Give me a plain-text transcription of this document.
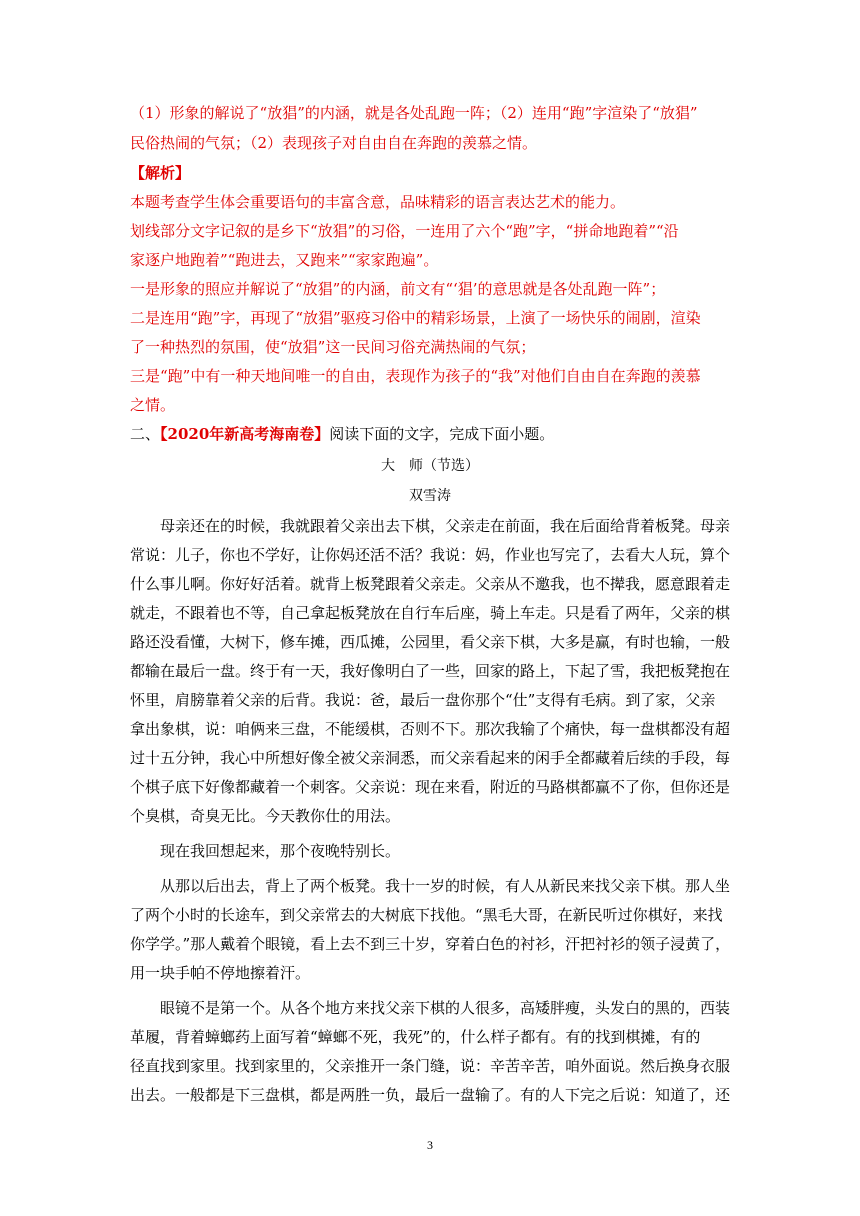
（1）形象的解说了“放猖”的内涵，就是各处乱跑一阵；（2）连用“跑”字渲染了“放猖”
民俗热闹的气氛；（2）表现孩子对自由自在奔跑的羡慕之情。
【解析】
本题考查学生体会重要语句的丰富含意，品味精彩的语言表达艺术的能力。
划线部分文字记叙的是乡下“放猖”的习俗，一连用了六个“跑”字，“拼命地跑着”“沿
家逐户地跑着”“跑进去，又跑来”“家家跑遍”。
一是形象的照应并解说了“放猖”的内涵，前文有“‘猖’的意思就是各处乱跑一阵”；
二是连用“跑”字，再现了“放猖”驱疫习俗中的精彩场景，上演了一场快乐的闹剧，渲染
了一种热烈的氛围，使“放猖”这一民间习俗充满热闹的气氛；
三是“跑”中有一种天地间唯一的自由，表现作为孩子的“我”对他们自由自在奔跑的羡慕
之情。
二、【2020年新高考海南卷】阅读下面的文字，完成下面小题。
大　师（节选）
双雪涛
母亲还在的时候，我就跟着父亲出去下棋，父亲走在前面，我在后面给背着板凳。母亲
常说：儿子，你也不学好，让你妈还活不活？我说：妈，作业也写完了，去看大人玩，算个
什么事儿啊。你好好活着。就背上板凳跟着父亲走。父亲从不邀我，也不撵我，愿意跟着走
就走，不跟着也不等，自己拿起板凳放在自行车后座，骑上车走。只是看了两年，父亲的棋
路还没看懂，大树下，修车摊，西瓜摊，公园里，看父亲下棋，大多是赢，有时也输，一般
都输在最后一盘。终于有一天，我好像明白了一些，回家的路上，下起了雪，我把板凳抱在
怀里，肩膀靠着父亲的后背。我说：爸，最后一盘你那个“仕”支得有毛病。到了家，父亲
拿出象棋，说：咱俩来三盘，不能缓棋，否则不下。那次我输了个痛快，每一盘棋都没有超
过十五分钟，我心中所想好像全被父亲洞悉，而父亲看起来的闲手全都藏着后续的手段，每
个棋子底下好像都藏着一个刺客。父亲说：现在来看，附近的马路棋都赢不了你，但你还是
个臭棋，奇臭无比。今天教你仕的用法。
现在我回想起来，那个夜晚特别长。
从那以后出去，背上了两个板凳。我十一岁的时候，有人从新民来找父亲下棋。那人坐
了两个小时的长途车，到父亲常去的大树底下找他。“黑毛大哥，在新民听过你棋好，来找
你学学。”那人戴着个眼镜，看上去不到三十岁，穿着白色的衬衫，汗把衬衫的领子浸黄了，
用一块手帕不停地擦着汗。
眼镜不是第一个。从各个地方来找父亲下棋的人很多，高矮胖瘦，头发白的黑的，西装
革履，背着蟑螂药上面写着“蟑螂不死，我死”的，什么样子都有。有的找到棋摊，有的
径直找到家里。找到家里的，父亲推开一条门缝，说：辛苦辛苦，咱外面说。然后换身衣服
出去。一般都是下三盘棋，都是两胜一负，最后一盘输了。有的人下完之后说：知道了，还
3
